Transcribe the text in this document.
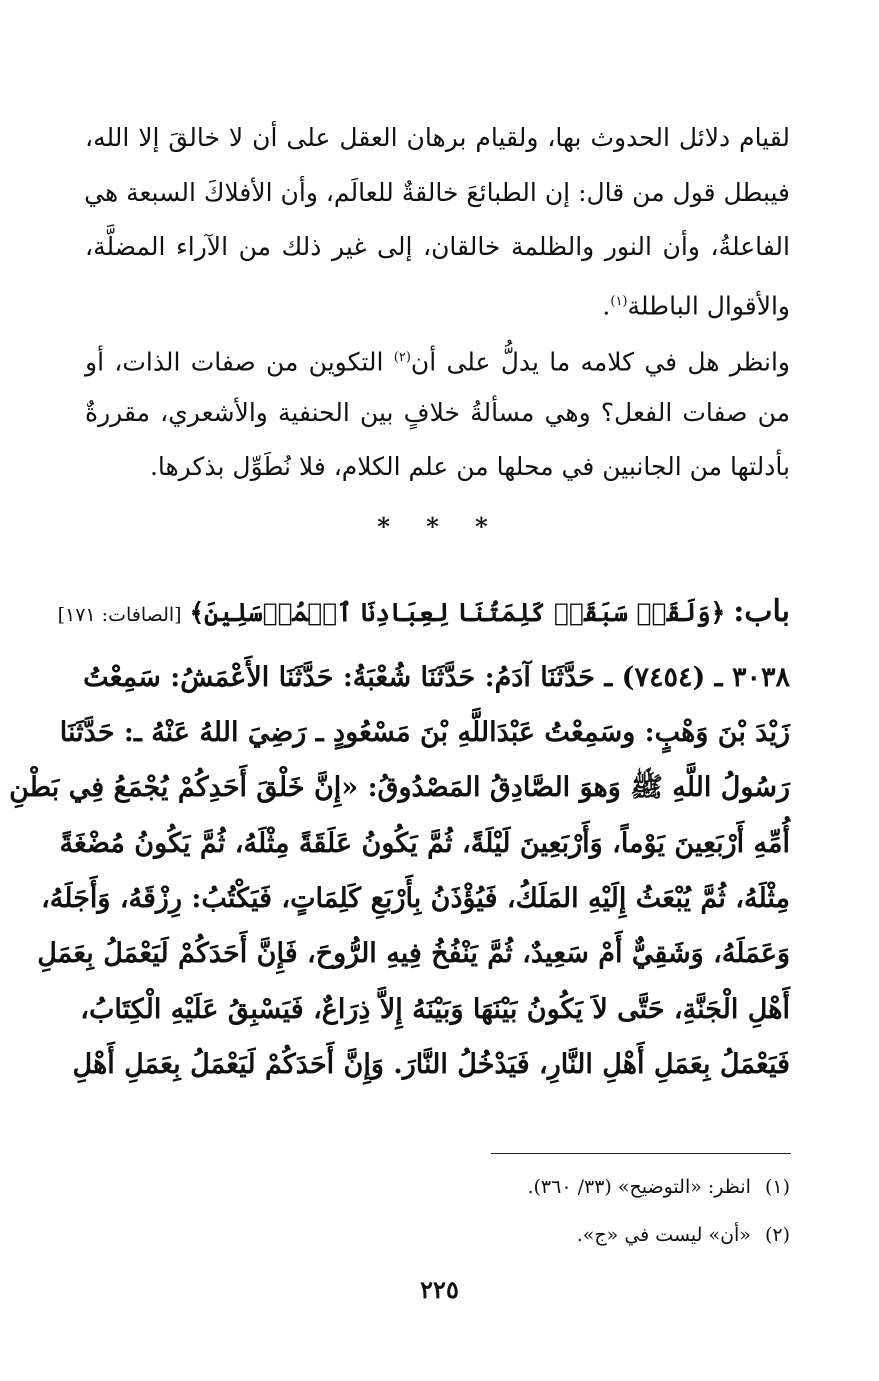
لقيام دلائل الحدوث بها، ولقيام برهان العقل على أن لا خالقَ إلا الله،
فيبطل قول من قال: إن الطبائعَ خالقةٌ للعالَم، وأن الأفلاكَ السبعة هي
الفاعلةُ، وأن النور والظلمة خالقان، إلى غير ذلك من الآراء المضلَّة،
والأقوال الباطلة$^{(١)}$.
وانظر هل في كلامه ما يدلُّ على أن$^{(٢)}$ التكوين من صفات الذات، أو
من صفات الفعل؟ وهي مسألةُ خلافٍ بين الحنفية والأشعري، مقررةٌ
بأدلتها من الجانبين في محلها من علم الكلام، فلا نُطَوِّل بذكرها.
* * *
باب: ﴿وَلَقَدۡ سَبَقَتۡ كَلِمَتُنَا لِعِبَادِنَا ٱلۡمُرۡسَلِينَ﴾ [الصافات: ١٧١]
٣٠٣٨ ـ (٧٤٥٤) ـ حَدَّثَنَا آدَمُ: حَدَّثَنَا شُعْبَةُ: حَدَّثَنَا الأَعْمَشُ: سَمِعْتُ
زَيْدَ بْنَ وَهْبٍ: وسَمِعْتُ عَبْدَاللَّهِ بْنَ مَسْعُودٍ ـ رَضِيَ اللهُ عَنْهُ ـ: حَدَّثَنَا
رَسُولُ اللَّهِ ﷺ وَهوَ الصَّادِقُ المَصْدُوقُ: «إِنَّ خَلْقَ أَحَدِكُمْ يُجْمَعُ فِي بَطْنِ
أُمِّهِ أَرْبَعِينَ يَوْماً، وَأَرْبَعِينَ لَيْلَةً، ثُمَّ يَكُونُ عَلَقَةً مِثْلَهُ، ثُمَّ يَكُونُ مُضْغَةً
مِثْلَهُ، ثُمَّ يُبْعَثُ إِلَيْهِ المَلَكُ، فَيُؤْذَنُ بِأَرْبَعِ كَلِمَاتٍ، فَيَكْتُبُ: رِزْقَهُ، وَأَجَلَهُ،
وَعَمَلَهُ، وَشَقِيٌّ أَمْ سَعِيدٌ، ثُمَّ يَنْفُخُ فِيهِ الرُّوحَ، فَإِنَّ أَحَدَكُمْ لَيَعْمَلُ بِعَمَلِ
أَهْلِ الْجَنَّةِ، حَتَّى لاَ يَكُونُ بَيْنَهَا وَبَيْنَهُ إِلاَّ ذِرَاعٌ، فَيَسْبِقُ عَلَيْهِ الْكِتَابُ،
فَيَعْمَلُ بِعَمَلِ أَهْلِ النَّارِ، فَيَدْخُلُ النَّارَ. وَإِنَّ أَحَدَكُمْ لَيَعْمَلُ بِعَمَلِ أَهْلِ
(١)انظر: «التوضيح» (٣٣/ ٣٦٠).
(٢)«أن» ليست في «ج».
٢٢٥
